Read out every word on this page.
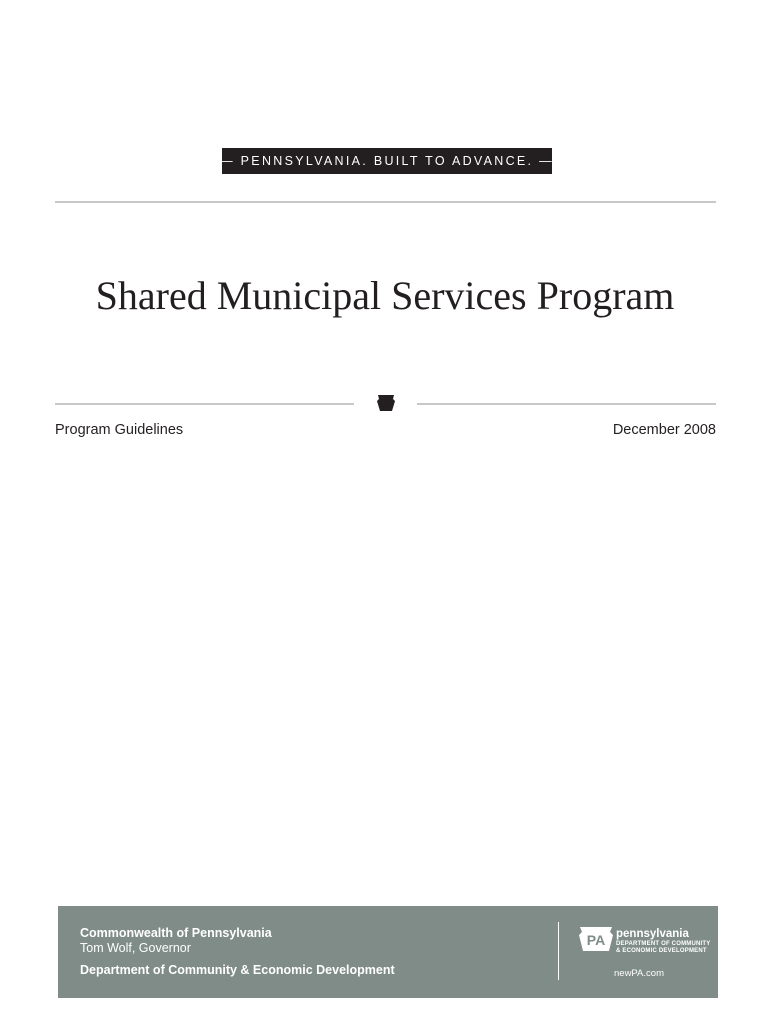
— PENNSYLVANIA. BUILT TO ADVANCE. —
Shared Municipal Services Program
Program Guidelines	December 2008
Commonwealth of Pennsylvania
Tom Wolf, Governor
Department of Community & Economic Development
PA pennsylvania
DEPARTMENT OF COMMUNITY & ECONOMIC DEVELOPMENT
newPA.com
